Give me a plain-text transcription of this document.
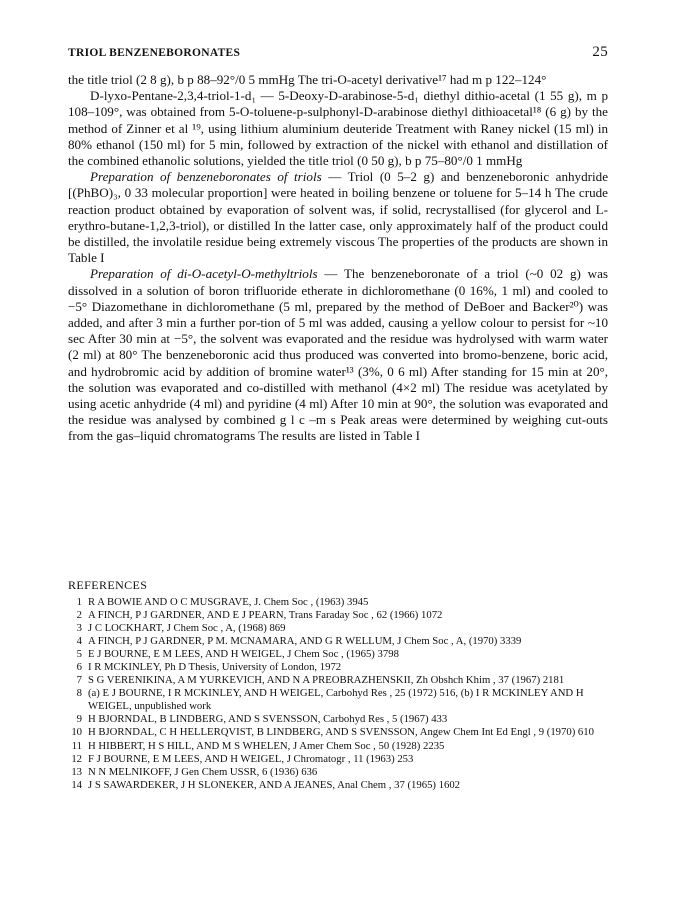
TRIOL BENZENEBORONATES	25

the title triol (2 8 g), b p 88–92°/0 5 mmHg The tri-O-acetyl derivative¹⁷ had m p 122–124°

D-lyxo-Pentane-2,3,4-triol-1-d₁ — 5-Deoxy-D-arabinose-5-d₁ diethyl dithio-acetal (1 55 g), m p 108–109°, was obtained from 5-O-toluene-p-sulphonyl-D-arabinose diethyl dithioacetal¹⁸ (6 g) by the method of Zinner et al ¹⁹, using lithium aluminium deuteride Treatment with Raney nickel (15 ml) in 80% ethanol (150 ml) for 5 min, followed by extraction of the nickel with ethanol and distillation of the combined ethanolic solutions, yielded the title triol (0 50 g), b p 75–80°/0 1 mmHg

Preparation of benzeneboronates of triols — Triol (0 5–2 g) and benzeneboronic anhydride [(PhBO)₃, 0 33 molecular proportion] were heated in boiling benzene or toluene for 5–14 h The crude reaction product obtained by evaporation of solvent was, if solid, recrystallised (for glycerol and L-erythro-butane-1,2,3-triol), or distilled In the latter case, only approximately half of the product could be distilled, the involatile residue being extremely viscous The properties of the products are shown in Table I

Preparation of di-O-acetyl-O-methyltriols — The benzeneboronate of a triol (~0 02 g) was dissolved in a solution of boron trifluoride etherate in dichloromethane (0 16%, 1 ml) and cooled to −5° Diazomethane in dichloromethane (5 ml, prepared by the method of DeBoer and Backer²⁰) was added, and after 3 min a further por-tion of 5 ml was added, causing a yellow colour to persist for ~10 sec After 30 min at −5°, the solvent was evaporated and the residue was hydrolysed with warm water (2 ml) at 80° The benzeneboronic acid thus produced was converted into bromo-benzene, boric acid, and hydrobromic acid by addition of bromine water¹³ (3%, 0 6 ml) After standing for 15 min at 20°, the solution was evaporated and co-distilled with methanol (4×2 ml) The residue was acetylated by using acetic anhydride (4 ml) and pyridine (4 ml) After 10 min at 90°, the solution was evaporated and the residue was analysed by combined g l c –m s Peak areas were determined by weighing cut-outs from the gas–liquid chromatograms The results are listed in Table I

REFERENCES
1 R A BOWIE AND O C MUSGRAVE, J. Chem Soc , (1963) 3945
2 A FINCH, P J GARDNER, AND E J PEARN, Trans Faraday Soc , 62 (1966) 1072
3 J C LOCKHART, J Chem Soc , A, (1968) 869
4 A FINCH, P J GARDNER, P M. MCNAMARA, AND G R WELLUM, J Chem Soc , A, (1970) 3339
5 E J BOURNE, E M LEES, AND H WEIGEL, J Chem Soc , (1965) 3798
6 I R MCKINLEY, Ph D Thesis, University of London, 1972
7 S G VERENIKINA, A M YURKEVICH, AND N A PREOBRAZHENSKII, Zh Obshch Khim , 37 (1967) 2181
8 (a) E J BOURNE, I R MCKINLEY, AND H WEIGEL, Carbohyd Res , 25 (1972) 516, (b) I R MCKINLEY AND H WEIGEL, unpublished work
9 H BJORNDAL, B LINDBERG, AND S SVENSSON, Carbohyd Res , 5 (1967) 433
10 H BJORNDAL, C H HELLERQVIST, B LINDBERG, AND S SVENSSON, Angew Chem Int Ed Engl , 9 (1970) 610
11 H HIBBERT, H S HILL, AND M S WHELEN, J Amer Chem Soc , 50 (1928) 2235
12 F J BOURNE, E M LEES, AND H WEIGEL, J Chromatogr , 11 (1963) 253
13 N N MELNIKOFF, J Gen Chem USSR, 6 (1936) 636
14 J S SAWARDEKER, J H SLONEKER, AND A JEANES, Anal Chem , 37 (1965) 1602
